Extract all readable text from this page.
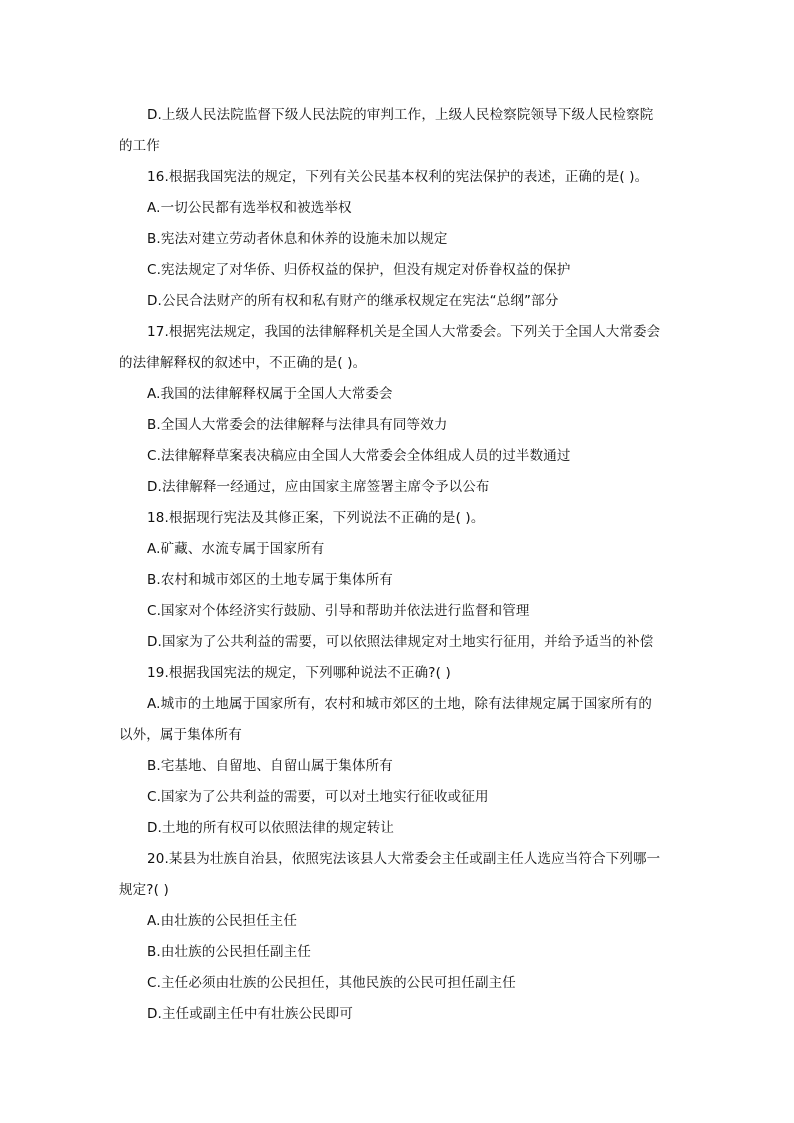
D.上级人民法院监督下级人民法院的审判工作，上级人民检察院领导下级人民检察院
的工作
16.根据我国宪法的规定，下列有关公民基本权利的宪法保护的表述，正确的是( )。
A.一切公民都有选举权和被选举权
B.宪法对建立劳动者休息和休养的设施未加以规定
C.宪法规定了对华侨、归侨权益的保护，但没有规定对侨眷权益的保护
D.公民合法财产的所有权和私有财产的继承权规定在宪法“总纲”部分
17.根据宪法规定，我国的法律解释机关是全国人大常委会。下列关于全国人大常委会
的法律解释权的叙述中，不正确的是( )。
A.我国的法律解释权属于全国人大常委会
B.全国人大常委会的法律解释与法律具有同等效力
C.法律解释草案表决稿应由全国人大常委会全体组成人员的过半数通过
D.法律解释一经通过，应由国家主席签署主席令予以公布
18.根据现行宪法及其修正案，下列说法不正确的是( )。
A.矿藏、水流专属于国家所有
B.农村和城市郊区的土地专属于集体所有
C.国家对个体经济实行鼓励、引导和帮助并依法进行监督和管理
D.国家为了公共利益的需要，可以依照法律规定对土地实行征用，并给予适当的补偿
19.根据我国宪法的规定，下列哪种说法不正确?( )
A.城市的土地属于国家所有，农村和城市郊区的土地，除有法律规定属于国家所有的
以外，属于集体所有
B.宅基地、自留地、自留山属于集体所有
C.国家为了公共利益的需要，可以对土地实行征收或征用
D.土地的所有权可以依照法律的规定转让
20.某县为壮族自治县，依照宪法该县人大常委会主任或副主任人选应当符合下列哪一
规定?( )
A.由壮族的公民担任主任
B.由壮族的公民担任副主任
C.主任必须由壮族的公民担任，其他民族的公民可担任副主任
D.主任或副主任中有壮族公民即可
